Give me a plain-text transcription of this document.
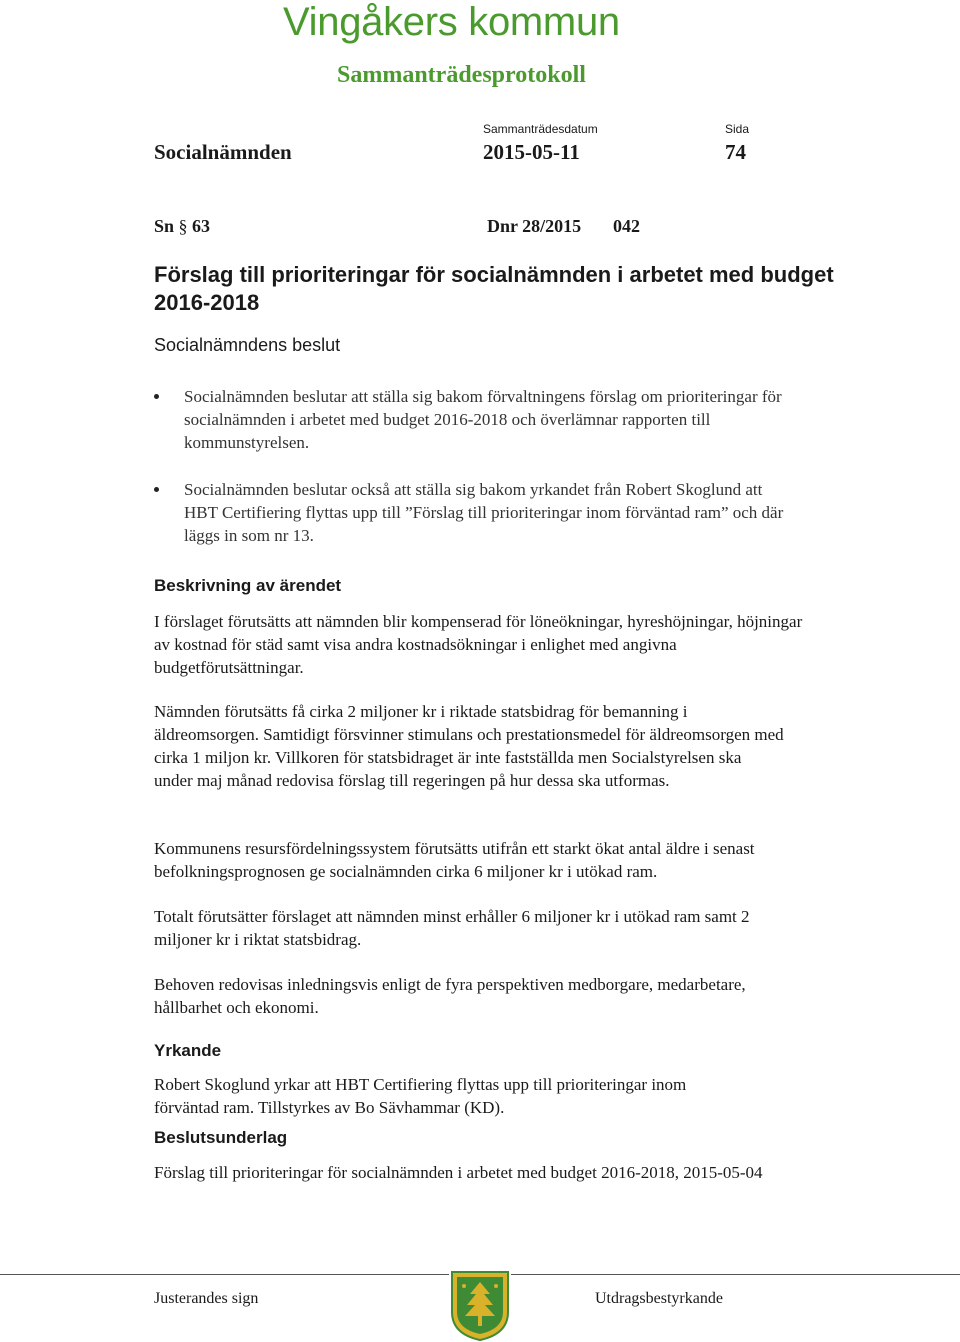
Vingåkers kommun
Sammanträdesprotokoll
Sammanträdesdatum	Sida
Socialnämnden	2015-05-11	74
Sn § 63	Dnr 28/2015 042
Förslag till prioriteringar för socialnämnden i arbetet med budget 2016-2018
Socialnämndens beslut
Socialnämnden beslutar att ställa sig bakom förvaltningens förslag om prioriteringar för socialnämnden i arbetet med budget 2016-2018 och överlämnar rapporten till kommunstyrelsen.
Socialnämnden beslutar också att ställa sig bakom yrkandet från Robert Skoglund att HBT Certifiering flyttas upp till ”Förslag till prioriteringar inom förväntad ram” och där läggs in som nr 13.
Beskrivning av ärendet
I förslaget förutsätts att nämnden blir kompenserad för löneökningar, hyreshöjningar, höjningar av kostnad för städ samt visa andra kostnadsökningar i enlighet med angivna budgetförutsättningar.
Nämnden förutsätts få cirka 2 miljoner kr i riktade statsbidrag för bemanning i äldreomsorgen. Samtidigt försvinner stimulans och prestationsmedel för äldreomsorgen med cirka 1 miljon kr. Villkoren för statsbidraget är inte fastställda men Socialstyrelsen ska under maj månad redovisa förslag till regeringen på hur dessa ska utformas.
Kommunens resursfördelningssystem förutsätts utifrån ett starkt ökat antal äldre i senast befolkningsprognosen ge socialnämnden cirka 6 miljoner kr i utökad ram.
Totalt förutsätter förslaget att nämnden minst erhåller 6 miljoner kr i utökad ram samt 2 miljoner kr i riktat statsbidrag.
Behoven redovisas inledningsvis enligt de fyra perspektiven medborgare, medarbetare, hållbarhet och ekonomi.
Yrkande
Robert Skoglund yrkar att HBT Certifiering flyttas upp till prioriteringar inom förväntad ram. Tillstyrkes av Bo Sävhammar (KD).
Beslutsunderlag
Förslag till prioriteringar för socialnämnden i arbetet med budget 2016-2018, 2015-05-04
Justerandes sign	Utdragsbestyrkande
